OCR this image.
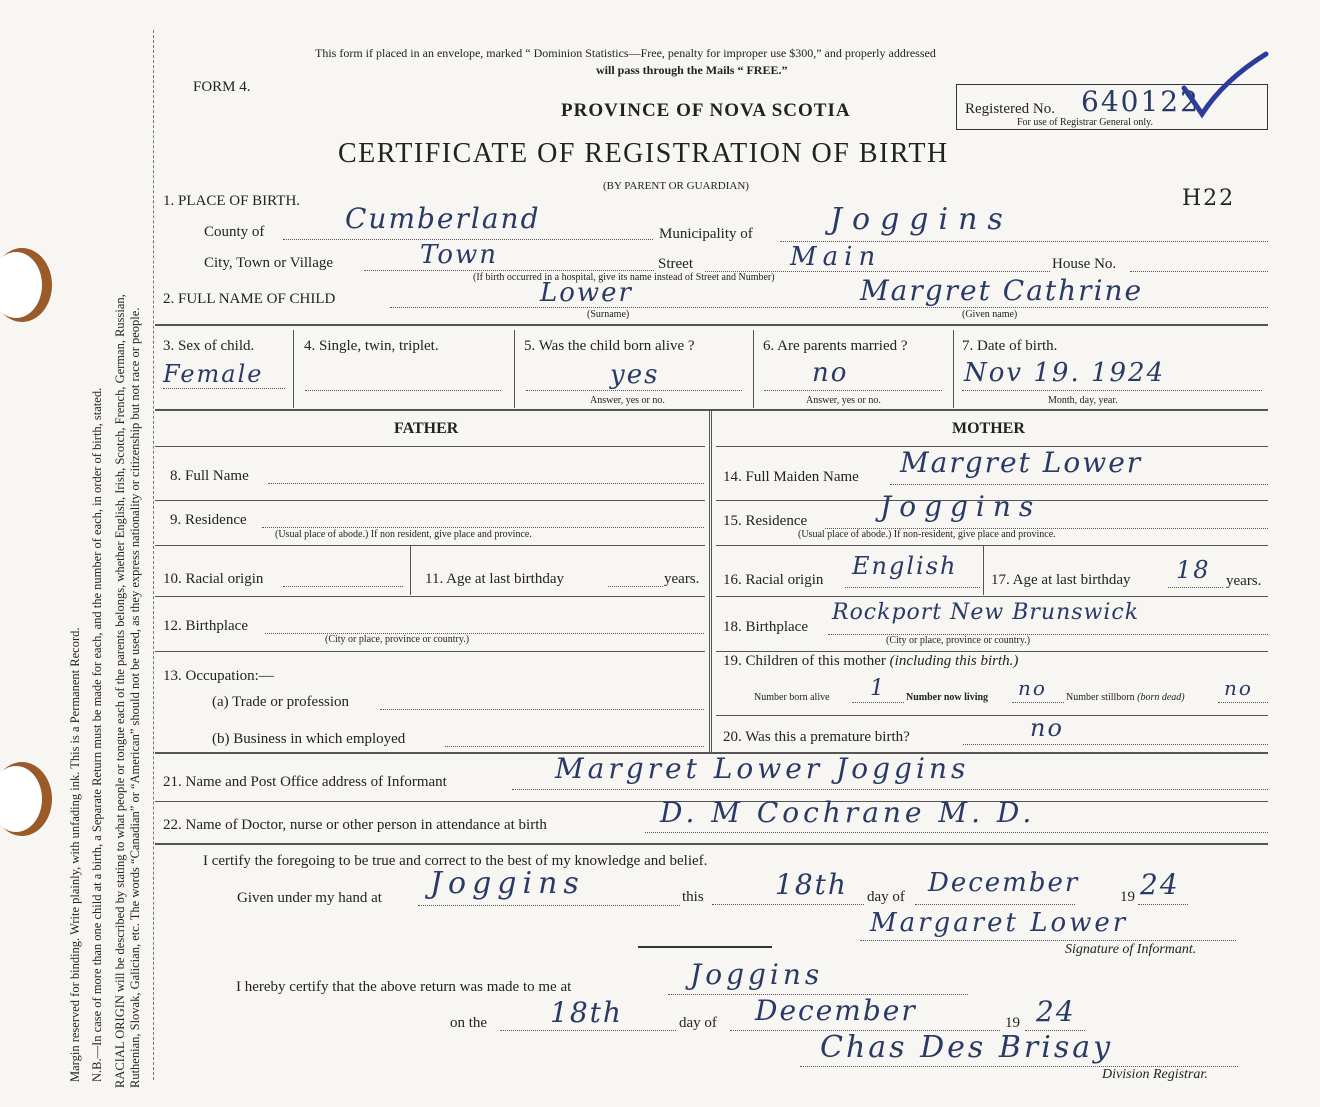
Margin reserved for binding. Write plainly, with unfading ink. This is a Permanent Record. N.B.—In case of more than one child at a birth, a Separate Return must be made for each, and the number of each, in order of birth, stated. RACIAL ORIGIN will be described by stating to what people or tongue each of the parents belongs, whether English, Irish, Scotch, French, German, Russian, Ruthenian, Slovak, Galician, etc. The words “Canadian” or “American” should not be used, as they express nationality or citizenship but not race or people.
This form if placed in an envelope, marked “ Dominion Statistics—Free, penalty for improper use $300,” and properly addressed
will pass through the Mails “ FREE.”
FORM 4.
PROVINCE OF NOVA SCOTIA
CERTIFICATE OF REGISTRATION OF BIRTH
(BY PARENT OR GUARDIAN)
Registered No. 640122
For use of Registrar General only.
H22
1. PLACE OF BIRTH.
County of	Cumberland	Municipality of	Joggins
City, Town or Village	Town	Street	Main	House No.
(If birth occurred in a hospital, give its name instead of Street and Number)
2. FULL NAME OF CHILD	Lower	Margret Cathrine
(Surname)	(Given name)
3. Sex of child.
Female
4. Single, twin, triplet.	5. Was the child born alive ?
yes
Answer, yes or no.
6. Are parents married ?
no
Answer, yes or no.
7. Date of birth.
Nov 19. 1924
Month, day, year.
FATHER	MOTHER
8. Full Name
9. Residence
(Usual place of abode.) If non resident, give place and province.
10. Racial origin	11. Age at last birthday	years.
12. Birthplace
(City or place, province or country.)
13. Occupation:—
(a) Trade or profession
(b) Business in which employed
14. Full Maiden Name Margret Lower
15. Residence	Joggins
(Usual place of abode.) If non-resident, give place and province.
16. Racial origin English 17. Age at last birthday 18 years.
18. Birthplace
Rockport New Brunswick
(City or place, province or country.)
19. Children of this mother (including this birth.)
Number born alive 1 Number now living no Number stillborn (born dead) no
20. Was this a premature birth?	no
21. Name and Post Office address of Informant	Margret Lower Joggins
22. Name of Doctor, nurse or other person in attendance at birth	D. M Cochrane M. D.
I certify the foregoing to be true and correct to the best of my knowledge and belief.
Given under my hand at Joggins	this	18th day of December	19 24
Margaret Lower
Signature of Informant.
I hereby certify that the above return was made to me at	Joggins
on the 18th	day of December	19 24
Chas Des Brisay
Division Registrar.
